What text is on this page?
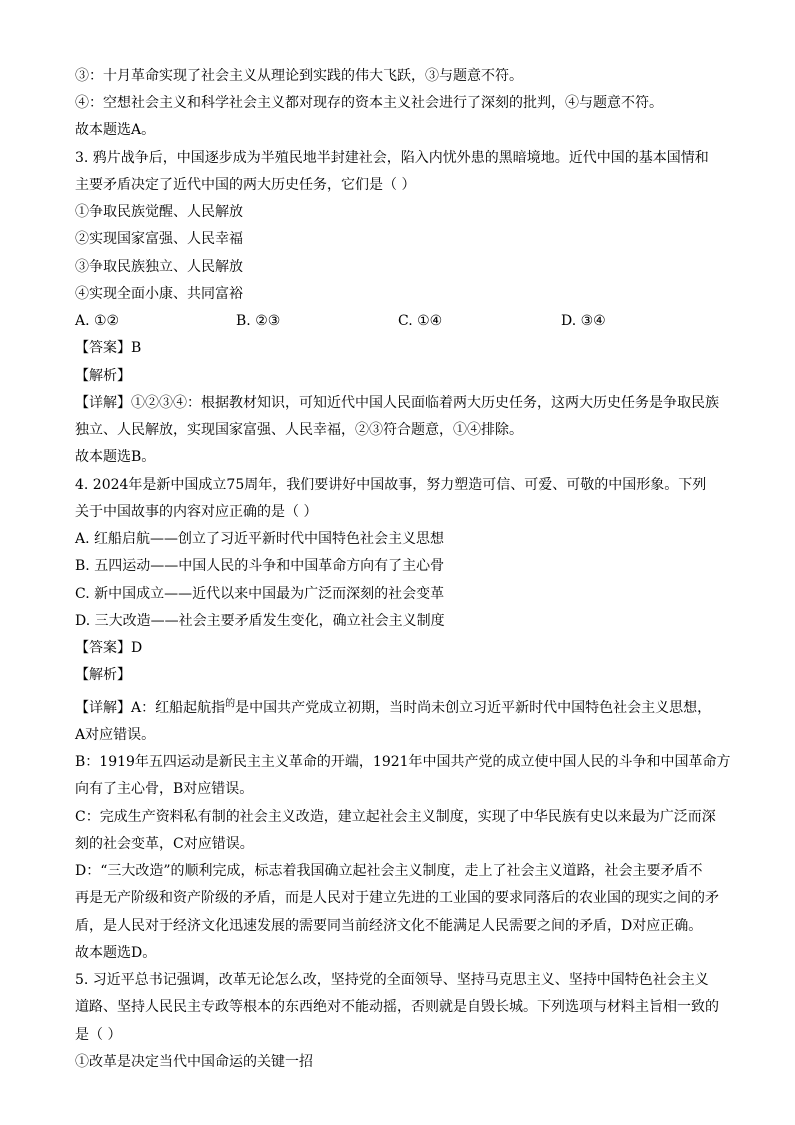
③：十月革命实现了社会主义从理论到实践的伟大飞跃，③与题意不符。
④：空想社会主义和科学社会主义都对现存的资本主义社会进行了深刻的批判，④与题意不符。
故本题选A。
3. 鸦片战争后，中国逐步成为半殖民地半封建社会，陷入内忧外患的黑暗境地。近代中国的基本国情和
主要矛盾决定了近代中国的两大历史任务，它们是（ ）
①争取民族觉醒、人民解放
②实现国家富强、人民幸福
③争取民族独立、人民解放
④实现全面小康、共同富裕
A. ①②	B. ②③	C. ①④	D. ③④
【答案】B
【解析】
【详解】①②③④：根据教材知识，可知近代中国人民面临着两大历史任务，这两大历史任务是争取民族
独立、人民解放，实现国家富强、人民幸福，②③符合题意，①④排除。
故本题选B。
4. 2024年是新中国成立75周年，我们要讲好中国故事，努力塑造可信、可爱、可敬的中国形象。下列
关于中国故事的内容对应正确的是（ ）
A. 红船启航——创立了习近平新时代中国特色社会主义思想
B. 五四运动——中国人民的斗争和中国革命方向有了主心骨
C. 新中国成立——近代以来中国最为广泛而深刻的社会变革
D. 三大改造——社会主要矛盾发生变化，确立社会主义制度
【答案】D
【解析】
【详解】A：红船起航指$^的$是中国共产党成立初期，当时尚未创立习近平新时代中国特色社会主义思想，
A对应错误。
B：1919年五四运动是新民主主义革命的开端，1921年中国共产党的成立使中国人民的斗争和中国革命方
向有了主心骨，B对应错误。
C：完成生产资料私有制的社会主义改造，建立起社会主义制度，实现了中华民族有史以来最为广泛而深
刻的社会变革，C对应错误。
D：“三大改造”的顺利完成，标志着我国确立起社会主义制度，走上了社会主义道路，社会主要矛盾不
再是无产阶级和资产阶级的矛盾，而是人民对于建立先进的工业国的要求同落后的农业国的现实之间的矛
盾，是人民对于经济文化迅速发展的需要同当前经济文化不能满足人民需要之间的矛盾，D对应正确。
故本题选D。
5. 习近平总书记强调，改革无论怎么改，坚持党的全面领导、坚持马克思主义、坚持中国特色社会主义
道路、坚持人民民主专政等根本的东西绝对不能动摇，否则就是自毁长城。下列选项与材料主旨相一致的
是（ ）
①改革是决定当代中国命运的关键一招
